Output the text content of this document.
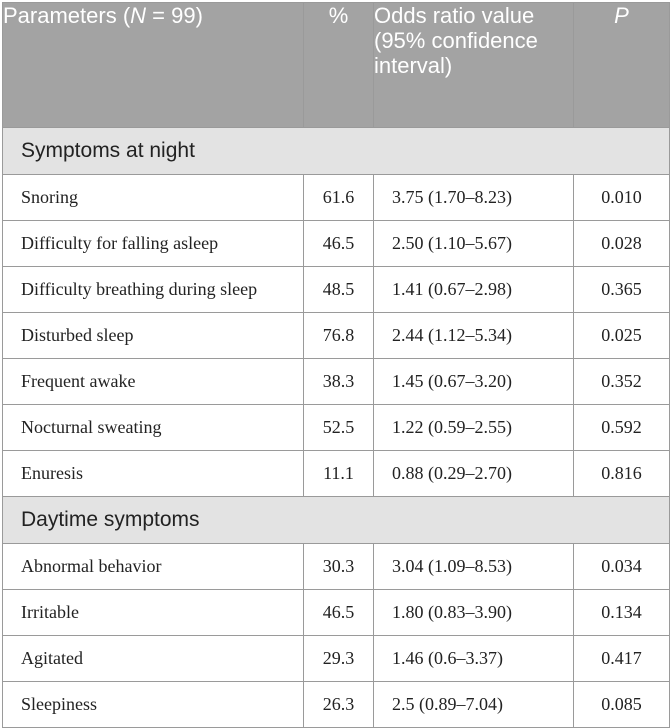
Parameters (N = 99)	%	Odds ratio value (95% confidence interval)	P
Symptoms at night			
Snoring	61.6	3.75 (1.70–8.23)	0.010
Difficulty for falling asleep	46.5	2.50 (1.10–5.67)	0.028
Difficulty breathing during sleep	48.5	1.41 (0.67–2.98)	0.365
Disturbed sleep	76.8	2.44 (1.12–5.34)	0.025
Frequent awake	38.3	1.45 (0.67–3.20)	0.352
Nocturnal sweating	52.5	1.22 (0.59–2.55)	0.592
Enuresis	11.1	0.88 (0.29–2.70)	0.816
Daytime symptoms			
Abnormal behavior	30.3	3.04 (1.09–8.53)	0.034
Irritable	46.5	1.80 (0.83–3.90)	0.134
Agitated	29.3	1.46 (0.6–3.37)	0.417
Sleepiness	26.3	2.5 (0.89–7.04)	0.085
